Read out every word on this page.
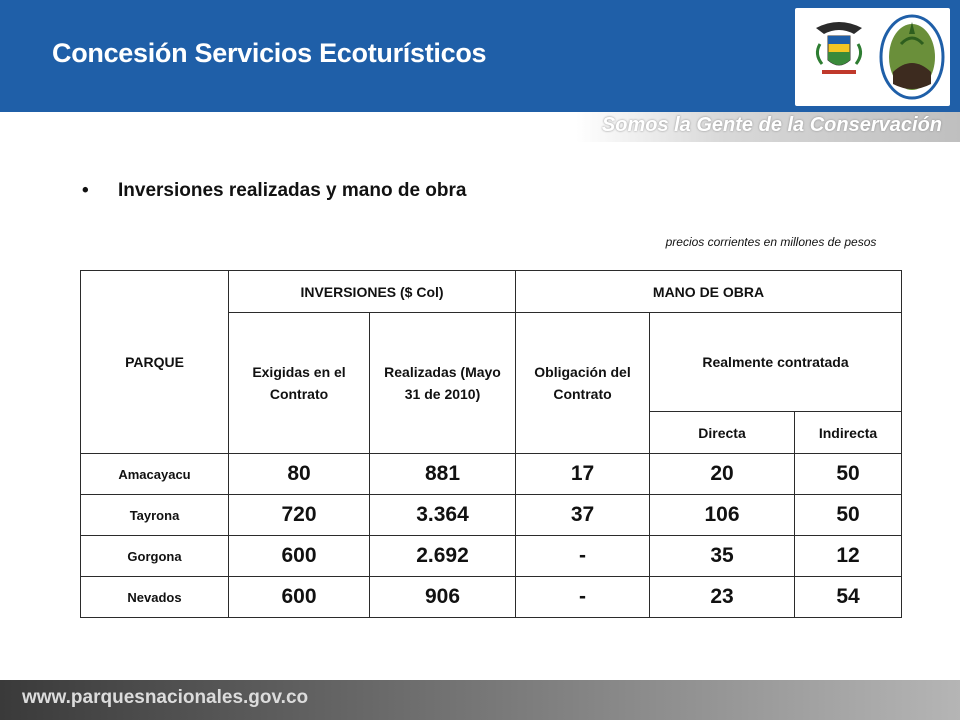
Concesión Servicios Ecoturísticos
Somos la Gente de la Conservación
• Inversiones realizadas y mano de obra
precios corrientes en millones de pesos
PARQUE	INVERSIONES ($ Col)		MANO DE OBRA		
	Exigidas en el Contrato	Realizadas (Mayo 31 de 2010)	Obligación del Contrato	Realmente contratada	
				Directa	Indirecta
Amacayacu	80	881	17	20	50
Tayrona	720	3.364	37	106	50
Gorgona	600	2.692	-	35	12
Nevados	600	906	-	23	54
www.parquesnacionales.gov.co
